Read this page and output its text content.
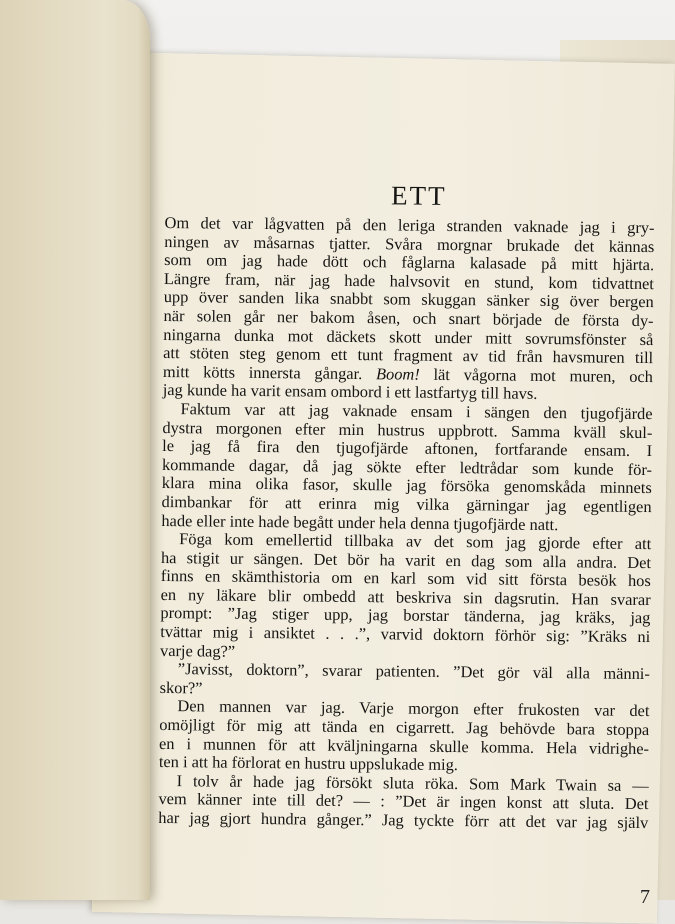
ETT
Om det var lågvatten på den leriga stranden vaknade jag i gry-
ningen av måsarnas tjatter. Svåra morgnar brukade det kännas
som om jag hade dött och fåglarna kalasade på mitt hjärta.
Längre fram, när jag hade halvsovit en stund, kom tidvattnet
upp över sanden lika snabbt som skuggan sänker sig över bergen
när solen går ner bakom åsen, och snart började de första dy-
ningarna dunka mot däckets skott under mitt sovrumsfönster så
att stöten steg genom ett tunt fragment av tid från havsmuren till
mitt kötts innersta gångar. Boom! lät vågorna mot muren, och
jag kunde ha varit ensam ombord i ett lastfartyg till havs.
Faktum var att jag vaknade ensam i sängen den tjugofjärde
dystra morgonen efter min hustrus uppbrott. Samma kväll skul-
le jag få fira den tjugofjärde aftonen, fortfarande ensam. I
kommande dagar, då jag sökte efter ledtrådar som kunde för-
klara mina olika fasor, skulle jag försöka genomskåda minnets
dimbankar för att erinra mig vilka gärningar jag egentligen
hade eller inte hade begått under hela denna tjugofjärde natt.
Föga kom emellertid tillbaka av det som jag gjorde efter att
ha stigit ur sängen. Det bör ha varit en dag som alla andra. Det
finns en skämthistoria om en karl som vid sitt första besök hos
en ny läkare blir ombedd att beskriva sin dagsrutin. Han svarar
prompt: ”Jag stiger upp, jag borstar tänderna, jag kräks, jag
tvättar mig i ansiktet . . .”, varvid doktorn förhör sig: ”Kräks ni
varje dag?”
”Javisst, doktorn”, svarar patienten. ”Det gör väl alla männi-
skor?”
Den mannen var jag. Varje morgon efter frukosten var det
omöjligt för mig att tända en cigarrett. Jag behövde bara stoppa
en i munnen för att kväljningarna skulle komma. Hela vidrighe-
ten i att ha förlorat en hustru uppslukade mig.
I tolv år hade jag försökt sluta röka. Som Mark Twain sa —
vem känner inte till det? — : ”Det är ingen konst att sluta. Det
har jag gjort hundra gånger.” Jag tyckte förr att det var jag själv
7
